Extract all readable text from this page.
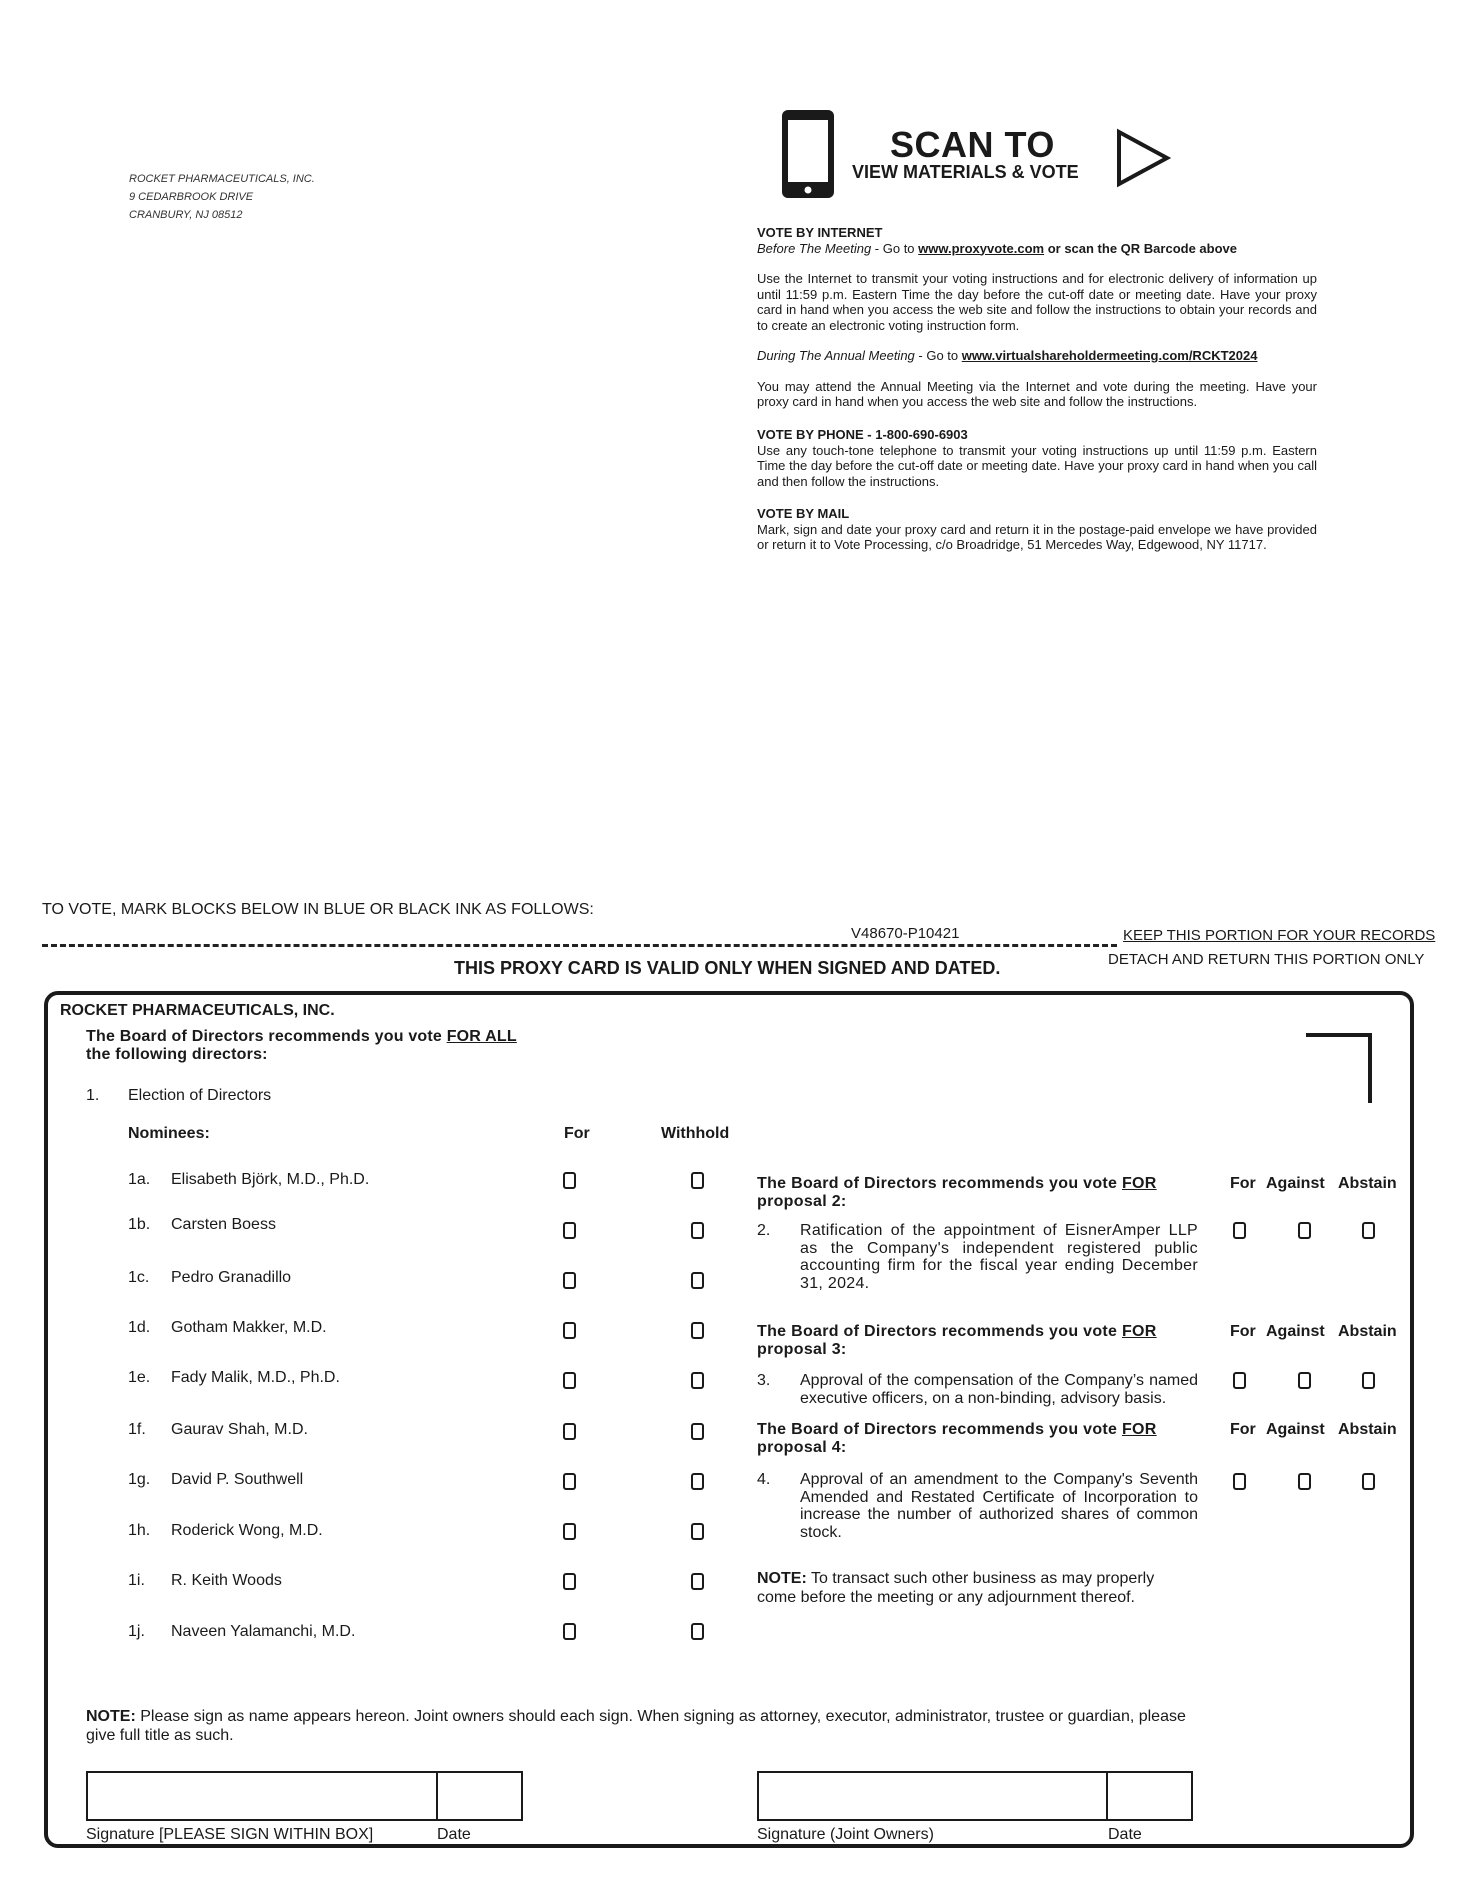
ROCKET PHARMACEUTICALS, INC.
9 CEDARBROOK DRIVE
CRANBURY, NJ 08512
SCAN TO
VIEW MATERIALS & VOTE
VOTE BY INTERNET
Before The Meeting - Go to www.proxyvote.com or scan the QR Barcode above

Use the Internet to transmit your voting instructions and for electronic delivery of information up until 11:59 p.m. Eastern Time the day before the cut-off date or meeting date. Have your proxy card in hand when you access the web site and follow the instructions to obtain your records and to create an electronic voting instruction form.

During The Annual Meeting - Go to www.virtualshareholdermeeting.com/RCKT2024

You may attend the Annual Meeting via the Internet and vote during the meeting. Have your proxy card in hand when you access the web site and follow the instructions.

VOTE BY PHONE - 1-800-690-6903

Use any touch-tone telephone to transmit your voting instructions up until 11:59 p.m. Eastern Time the day before the cut-off date or meeting date. Have your proxy card in hand when you call and then follow the instructions.

VOTE BY MAIL

Mark, sign and date your proxy card and return it in the postage-paid envelope we have provided or return it to Vote Processing, c/o Broadridge, 51 Mercedes Way, Edgewood, NY 11717.

TO VOTE, MARK BLOCKS BELOW IN BLUE OR BLACK INK AS FOLLOWS:
V48670-P10421	KEEP THIS PORTION FOR YOUR RECORDS
DETACH AND RETURN THIS PORTION ONLY
THIS PROXY CARD IS VALID ONLY WHEN SIGNED AND DATED.
ROCKET PHARMACEUTICALS, INC.
The Board of Directors recommends you vote FOR ALL
the following directors:
1. Election of Directors
Nominees:	For	Withhold
1a. Elisabeth Björk, M.D., Ph.D.
1b. Carsten Boess
1c. Pedro Granadillo
1d. Gotham Makker, M.D.
1e. Fady Malik, M.D., Ph.D.
1f. Gaurav Shah, M.D.
1g. David P. Southwell
1h. Roderick Wong, M.D.
1i. R. Keith Woods
1j. Naveen Yalamanchi, M.D.
The Board of Directors recommends you vote FOR
proposal 2:
For Against Abstain
2. Ratification of the appointment of EisnerAmper LLP as the Company's independent registered public accounting firm for the fiscal year ending December 31, 2024.
The Board of Directors recommends you vote FOR
proposal 3:
For Against Abstain
3. Approval of the compensation of the Company’s named executive officers, on a non-binding, advisory basis.
The Board of Directors recommends you vote FOR
proposal 4:
For Against Abstain
4. Approval of an amendment to the Company's Seventh Amended and Restated Certificate of Incorporation to increase the number of authorized shares of common stock.
NOTE: To transact such other business as may properly come before the meeting or any adjournment thereof.
NOTE: Please sign as name appears hereon. Joint owners should each sign. When signing as attorney, executor, administrator, trustee or guardian, please give full title as such.
Signature [PLEASE SIGN WITHIN BOX]	Date	Signature (Joint Owners)	Date
